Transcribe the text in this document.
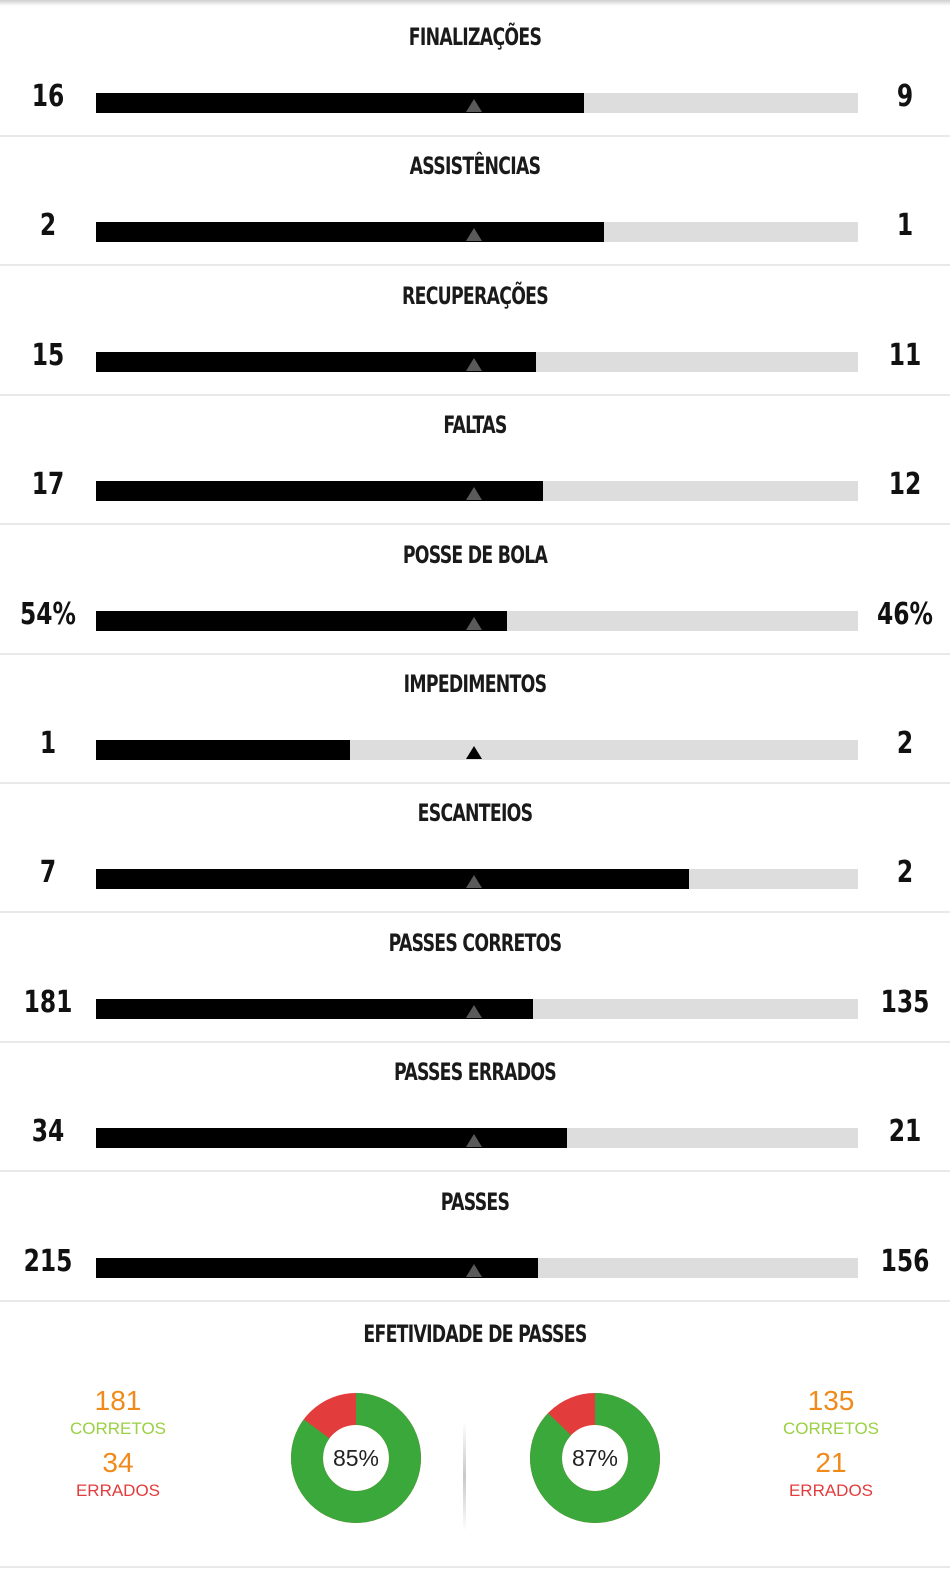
FINALIZAÇÕES
16	9
ASSISTÊNCIAS
2	1
RECUPERAÇÕES
15	11
FALTAS
17	12
POSSE DE BOLA
54%	46%
IMPEDIMENTOS
1	2
ESCANTEIOS
7	2
PASSES CORRETOS
181	135
PASSES ERRADOS
34	21
PASSES
215	156
EFETIVIDADE DE PASSES
181
CORRETOS
34
ERRADOS
85%	87%
135
CORRETOS
21
ERRADOS
